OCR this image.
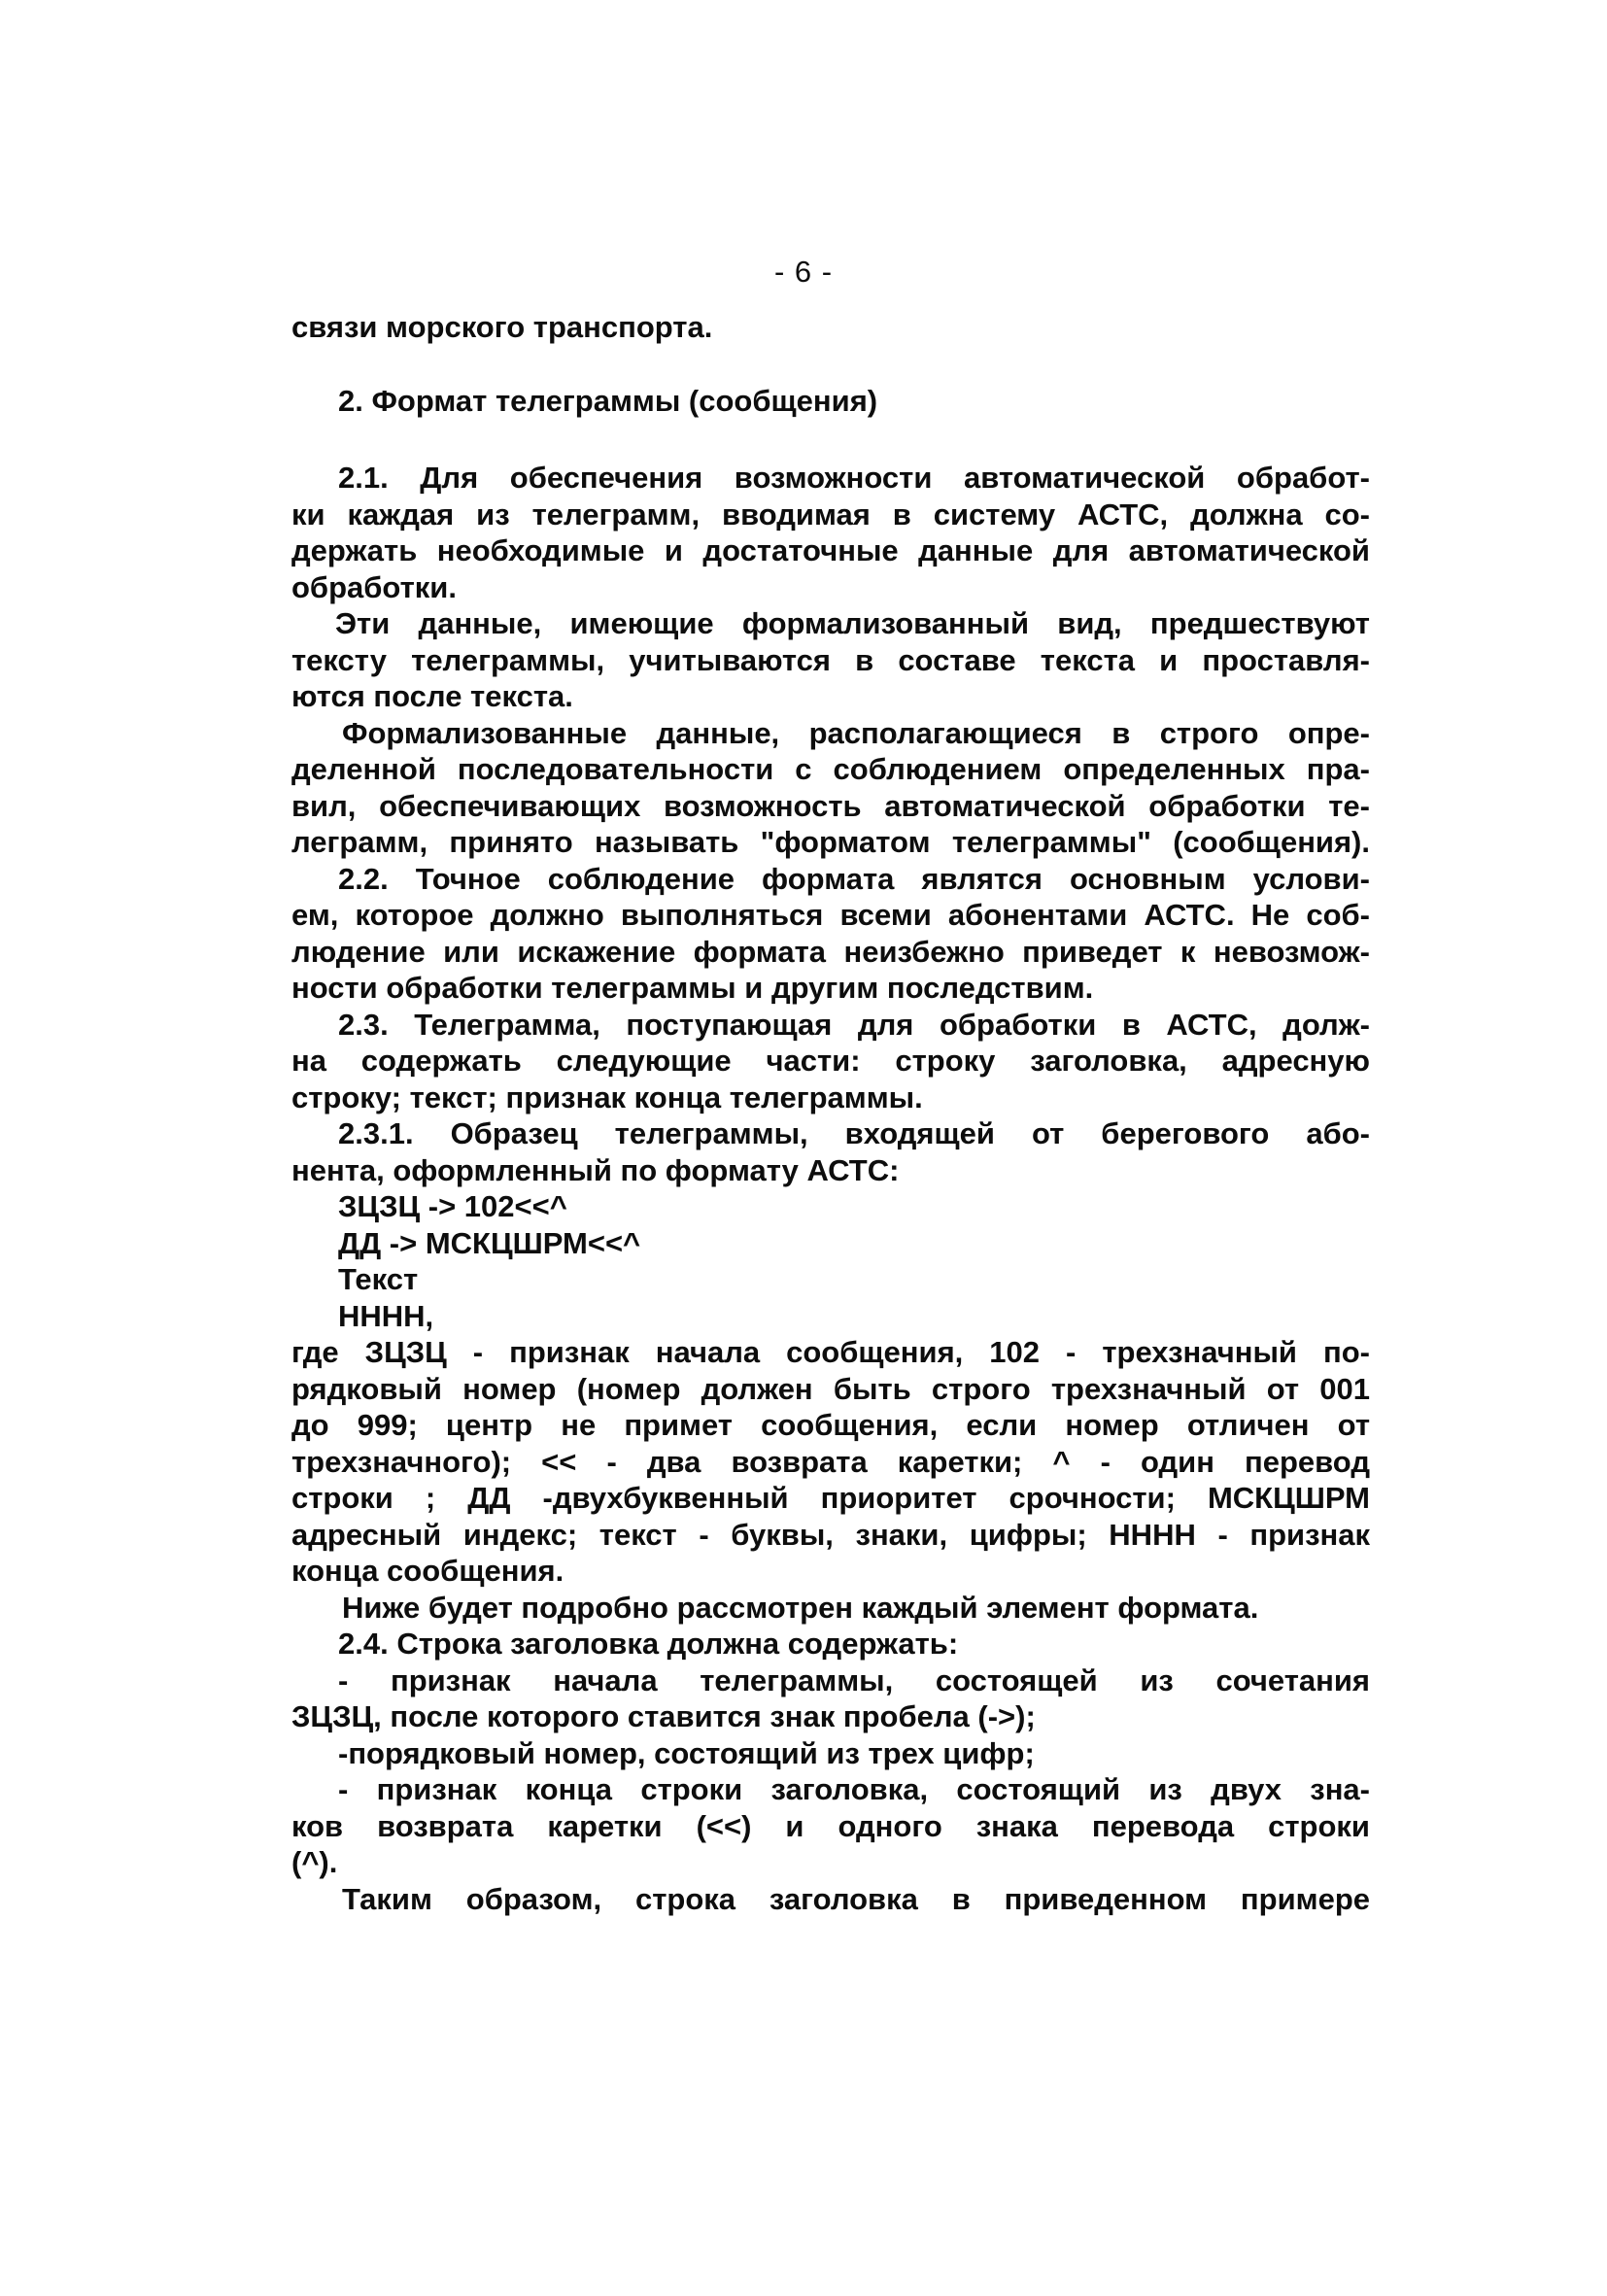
- 6 -
связи морского транспорта.
2. Формат телеграммы (сообщения)
2.1. Для обеспечения возможности автоматической обработ-
ки каждая из телеграмм, вводимая в систему АСТС, должна со-
держать необходимые и достаточные данные для автоматической
обработки.
Эти данные, имеющие формализованный вид, предшествуют
тексту телеграммы, учитываются в составе текста и проставля-
ются после текста.
Формализованные данные, располагающиеся в строго опре-
деленной последовательности с соблюдением определенных пра-
вил, обеспечивающих возможность автоматической обработки те-
леграмм, принято называть "форматом телеграммы" (сообщения).
2.2. Точное соблюдение формата являтся основным услови-
ем, которое должно выполняться всеми абонентами АСТС. Не соб-
людение или искажение формата неизбежно приведет к невозмож-
ности обработки телеграммы и другим последствим.
2.3. Телеграмма, поступающая для обработки в АСТС, долж-
на содержать следующие части: строку заголовка, адресную
строку; текст; признак конца телеграммы.
2.3.1. Образец телеграммы, входящей от берегового або-
нента, оформленный по формату АСТС:
ЗЦЗЦ -> 102<<^
ДД -> МСКЦШРМ<<^
Текст
НННН,
где ЗЦЗЦ - признак начала сообщения, 102 - трехзначный по-
рядковый номер (номер должен быть строго трехзначный от 001
до 999; центр не примет сообщения, если номер отличен от
трехзначного); << - два возврата каретки; ^ - один перевод
строки ; ДД -двухбуквенный приоритет срочности; МСКЦШРМ
адресный индекс; текст - буквы, знаки, цифры; НННН - признак
конца сообщения.
Ниже будет подробно рассмотрен каждый элемент формата.
2.4. Строка заголовка должна содержать:
- признак начала телеграммы, состоящей из сочетания
ЗЦЗЦ, после которого ставится знак пробела (->);
-порядковый номер, состоящий из трех цифр;
- признак конца строки заголовка, состоящий из двух зна-
ков возврата каретки (<<) и одного знака перевода строки
(^).
Таким образом, строка заголовка в приведенном примере
